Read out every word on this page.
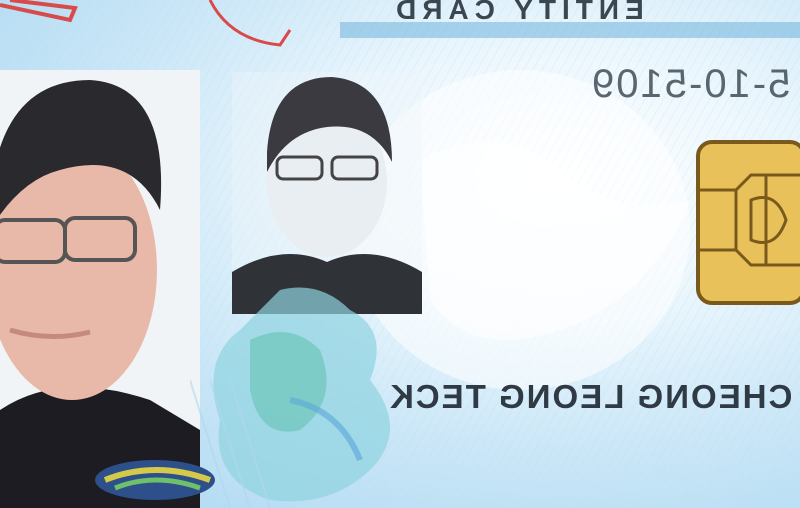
ENTITY CARD
5-10-5109
CHEONG LEONG TECK
